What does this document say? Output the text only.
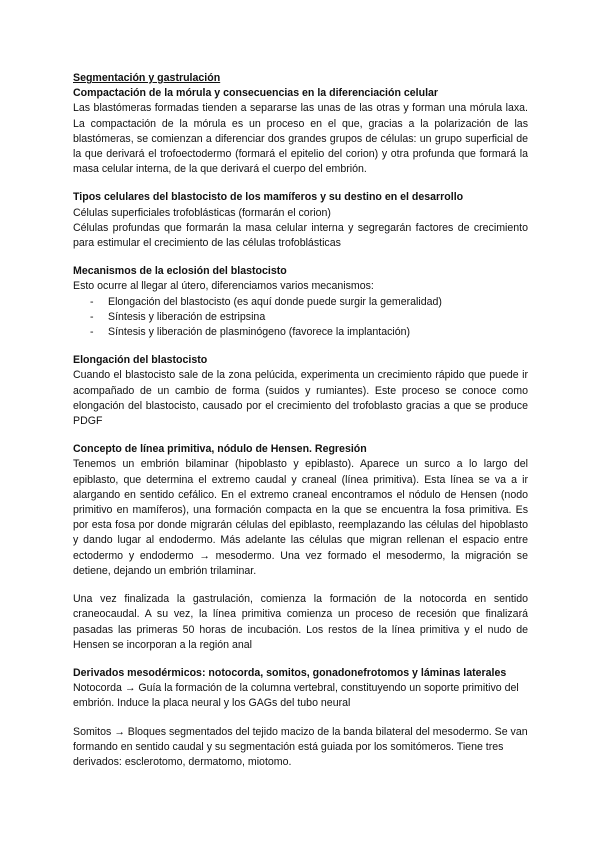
Segmentación y gastrulación

Compactación de la mórula y consecuencias en la diferenciación celular

Las blastómeras formadas tienden a separarse las unas de las otras y forman una mórula laxa. La compactación de la mórula es un proceso en el que, gracias a la polarización de las blastómeras, se comienzan a diferenciar dos grandes grupos de células: un grupo superficial de la que derivará el trofoectodermo (formará el epitelio del corion) y otra profunda que formará la masa celular interna, de la que derivará el cuerpo del embrión.

Tipos celulares del blastocisto de los mamíferos y su destino en el desarrollo

Células superficiales trofoblásticas (formarán el corion)

Células profundas que formarán la masa celular interna y segregarán factores de crecimiento para estimular el crecimiento de las células trofoblásticas

Mecanismos de la eclosión del blastocisto

Esto ocurre al llegar al útero, diferenciamos varios mecanismos:

- Elongación del blastocisto (es aquí donde puede surgir la gemeralidad)
- Síntesis y liberación de estripsina
- Síntesis y liberación de plasminógeno (favorece la implantación)

Elongación del blastocisto

Cuando el blastocisto sale de la zona pelúcida, experimenta un crecimiento rápido que puede ir acompañado de un cambio de forma (suidos y rumiantes). Este proceso se conoce como elongación del blastocisto, causado por el crecimiento del trofoblasto gracias a que se produce PDGF

Concepto de línea primitiva, nódulo de Hensen. Regresión

Tenemos un embrión bilaminar (hipoblasto y epiblasto). Aparece un surco a lo largo del epiblasto, que determina el extremo caudal y craneal (línea primitiva). Esta línea se va a ir alargando en sentido cefálico. En el extremo craneal encontramos el nódulo de Hensen (nodo primitivo en mamíferos), una formación compacta en la que se encuentra la fosa primitiva. Es por esta fosa por donde migrarán células del epiblasto, reemplazando las células del hipoblasto y dando lugar al endodermo. Más adelante las células que migran rellenan el espacio entre ectodermo y endodermo → mesodermo. Una vez formado el mesodermo, la migración se detiene, dejando un embrión trilaminar.

Una vez finalizada la gastrulación, comienza la formación de la notocorda en sentido craneocaudal. A su vez, la línea primitiva comienza un proceso de recesión que finalizará pasadas las primeras 50 horas de incubación. Los restos de la línea primitiva y el nudo de Hensen se incorporan a la región anal

Derivados mesodérmicos: notocorda, somitos, gonadonefrotomos y láminas laterales

Notocorda → Guía la formación de la columna vertebral, constituyendo un soporte primitivo del embrión. Induce la placa neural y los GAGs del tubo neural

Somitos → Bloques segmentados del tejido macizo de la banda bilateral del mesodermo. Se van formando en sentido caudal y su segmentación está guiada por los somitómeros. Tiene tres derivados: esclerotomo, dermatomo, miotomo.
